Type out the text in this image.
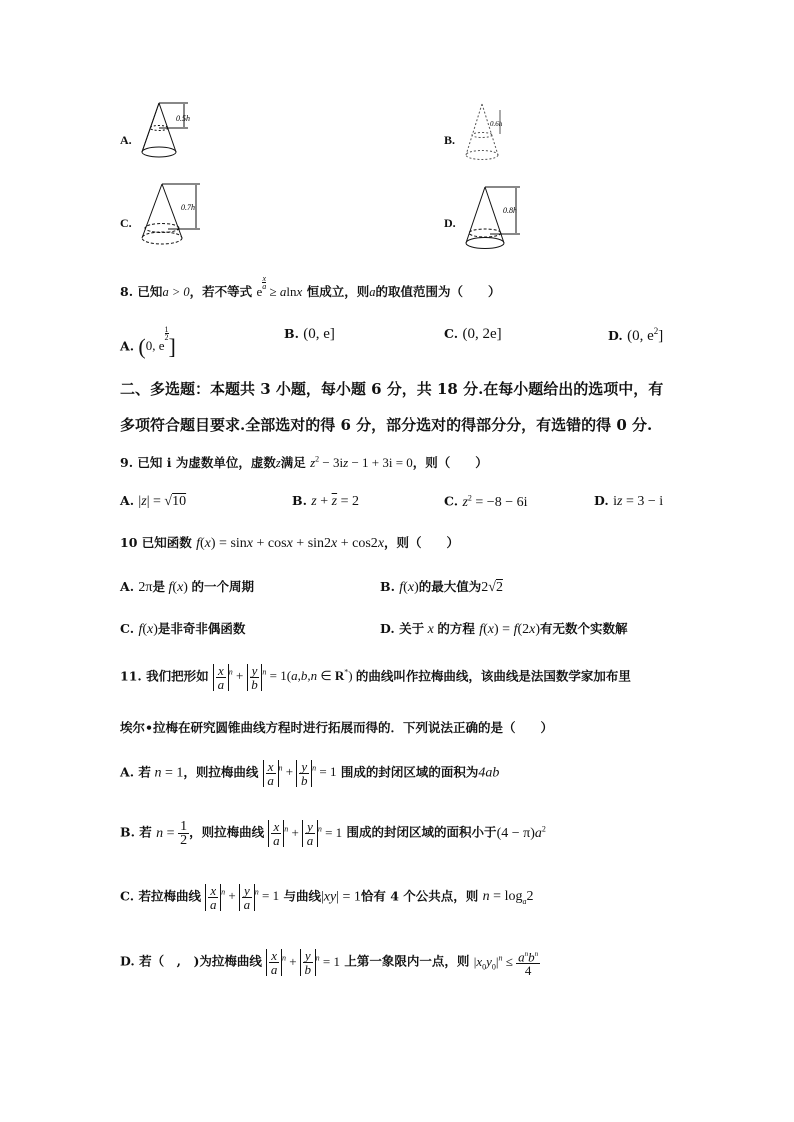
A.
0.5h
B.
0.6h
C.
0.7h
D.
0.8h
8. 已知a > 0，若不等式 e
$^{\frac{x}{a}}$
≥ alnx 恒成立，则a的取值范围为（　　）
A. (0, e
$^{\frac{1}{2}}$
]
B. (0, e]	C. (0, 2e]	D. (0, $e^2$]
二、多选题：本题共 3 小题，每小题 6 分，共 18 分.在每小题给出的选项中，有
多项符合题目要求.全部选对的得 6 分，部分选对的得部分分，有选错的得 0 分.
9. 已知 i 为虚数单位，虚数z满足 $z^2 - 3iz - 1 + 3i = 0$，则（　　）
A. |z| = √10	B. $z + \overline{z} = 2$	C. $z^2 = -8 - 6i$	D. iz = 3 − i
10 已知函数 f(x) = sinx + cosx + sin2x + cos2x，则（　　）
A. 2π是 f(x) 的一个周期	B. f(x)的最大值为2√2
C. f(x)是非奇非偶函数	D. 关于 x 的方程 f(x) = f(2x)有无数个实数解
11. 我们把形如 $\frac{x}{a} ^n + \frac{y}{b} ^n = 1(a,b,n$ ∈ R*) 的曲线叫作拉梅曲线，该曲线是法国数学家加布里
埃尔•拉梅在研究圆锥曲线方程时进行拓展而得的．下列说法正确的是（　　）
A. 若 n = 1，则拉梅曲线 $\frac{x}{a} ^n + \frac{y}{b} ^n = 1$ 围成的封闭区域的面积为4ab
B. 若 $n = \frac{1}{2}$ ，则拉梅曲线 $\frac{x}{a} ^n + \frac{y}{a} ^n = 1$ 围成的封闭区域的面积小于$(4 - \pi)a^2$
C. 若拉梅曲线 $\frac{x}{a} ^n + \frac{y}{a} ^n = 1$ 与曲线|xy| = 1恰有 4 个公共点，则 $n = \log_a2$
D. 若（　,　)为拉梅曲线 $\frac{x}{a} ^n + \frac{y}{b} ^n = 1$ 上第一象限内一点，则 $|x_0y_0|^n \le \frac{a^nb^n}{4}$
